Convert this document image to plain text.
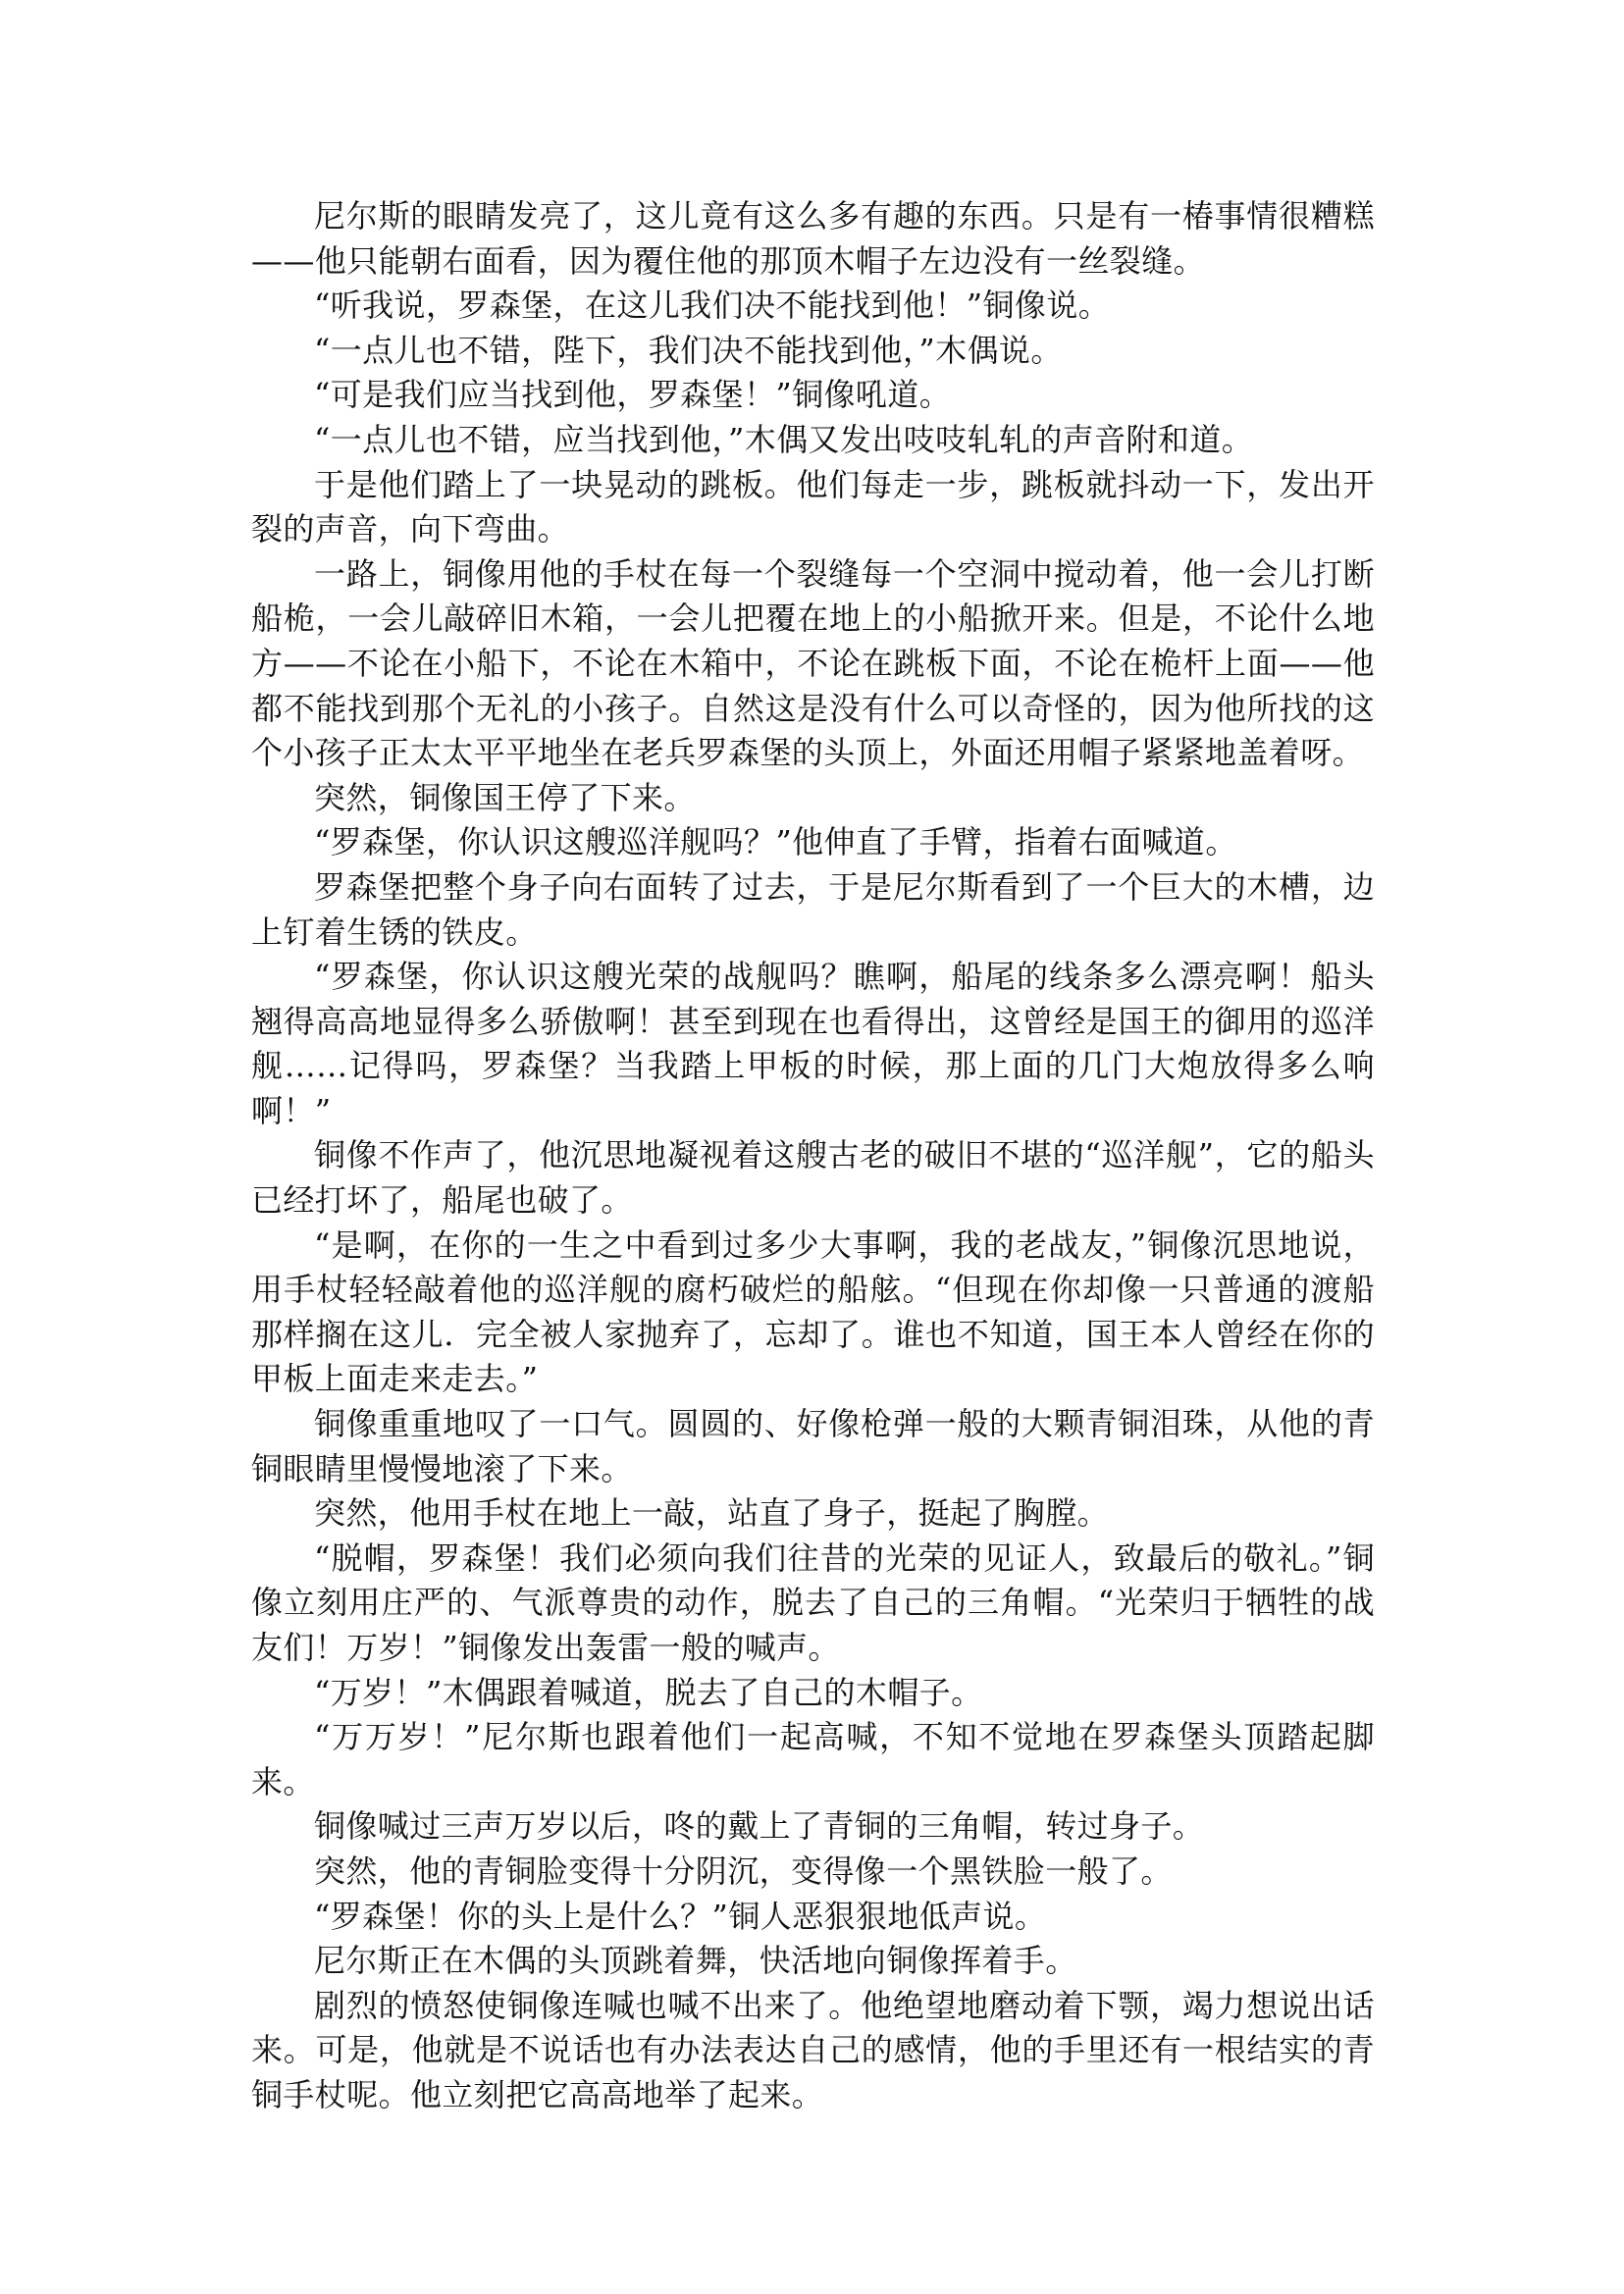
尼尔斯的眼睛发亮了，这儿竟有这么多有趣的东西。只是有一椿事情很糟糕——他只能朝右面看，因为覆住他的那顶木帽子左边没有一丝裂缝。

“听我说，罗森堡，在这儿我们决不能找到他！”铜像说。

“一点儿也不错，陛下，我们决不能找到他，”木偶说。

“可是我们应当找到他，罗森堡！”铜像吼道。

“一点儿也不错，应当找到他，”木偶又发出吱吱轧轧的声音附和道。

于是他们踏上了一块晃动的跳板。他们每走一步，跳板就抖动一下，发出开裂的声音，向下弯曲。

一路上，铜像用他的手杖在每一个裂缝每一个空洞中搅动着，他一会儿打断船桅，一会儿敲碎旧木箱，一会儿把覆在地上的小船掀开来。但是，不论什么地方——不论在小船下，不论在木箱中，不论在跳板下面，不论在桅杆上面——他都不能找到那个无礼的小孩子。自然这是没有什么可以奇怪的，因为他所找的这个小孩子正太太平平地坐在老兵罗森堡的头顶上，外面还用帽子紧紧地盖着呀。

突然，铜像国王停了下来。

“罗森堡，你认识这艘巡洋舰吗？”他伸直了手臂，指着右面喊道。

罗森堡把整个身子向右面转了过去，于是尼尔斯看到了一个巨大的木槽，边上钉着生锈的铁皮。

“罗森堡，你认识这艘光荣的战舰吗？瞧啊，船尾的线条多么漂亮啊！船头翘得高高地显得多么骄傲啊！甚至到现在也看得出，这曾经是国王的御用的巡洋舰……记得吗，罗森堡？当我踏上甲板的时候，那上面的几门大炮放得多么响啊！”

铜像不作声了，他沉思地凝视着这艘古老的破旧不堪的“巡洋舰”，它的船头已经打坏了，船尾也破了。

“是啊，在你的一生之中看到过多少大事啊，我的老战友，”铜像沉思地说，用手杖轻轻敲着他的巡洋舰的腐朽破烂的船舷。“但现在你却像一只普通的渡船那样搁在这儿．完全被人家抛弃了，忘却了。谁也不知道，国王本人曾经在你的甲板上面走来走去。”

铜像重重地叹了一口气。圆圆的、好像枪弹一般的大颗青铜泪珠，从他的青铜眼睛里慢慢地滚了下来。

突然，他用手杖在地上一敲，站直了身子，挺起了胸膛。

“脱帽，罗森堡！我们必须向我们往昔的光荣的见证人，致最后的敬礼。”铜像立刻用庄严的、气派尊贵的动作，脱去了自己的三角帽。“光荣归于牺牲的战友们！万岁！”铜像发出轰雷一般的喊声。

“万岁！”木偶跟着喊道，脱去了自己的木帽子。

“万万岁！”尼尔斯也跟着他们一起高喊，不知不觉地在罗森堡头顶踏起脚来。

铜像喊过三声万岁以后，咚的戴上了青铜的三角帽，转过身子。

突然，他的青铜脸变得十分阴沉，变得像一个黑铁脸一般了。

“罗森堡！你的头上是什么？”铜人恶狠狠地低声说。

尼尔斯正在木偶的头顶跳着舞，快活地向铜像挥着手。

剧烈的愤怒使铜像连喊也喊不出来了。他绝望地磨动着下颚，竭力想说出话来。可是，他就是不说话也有办法表达自己的感情，他的手里还有一根结实的青铜手杖呢。他立刻把它高高地举了起来。
